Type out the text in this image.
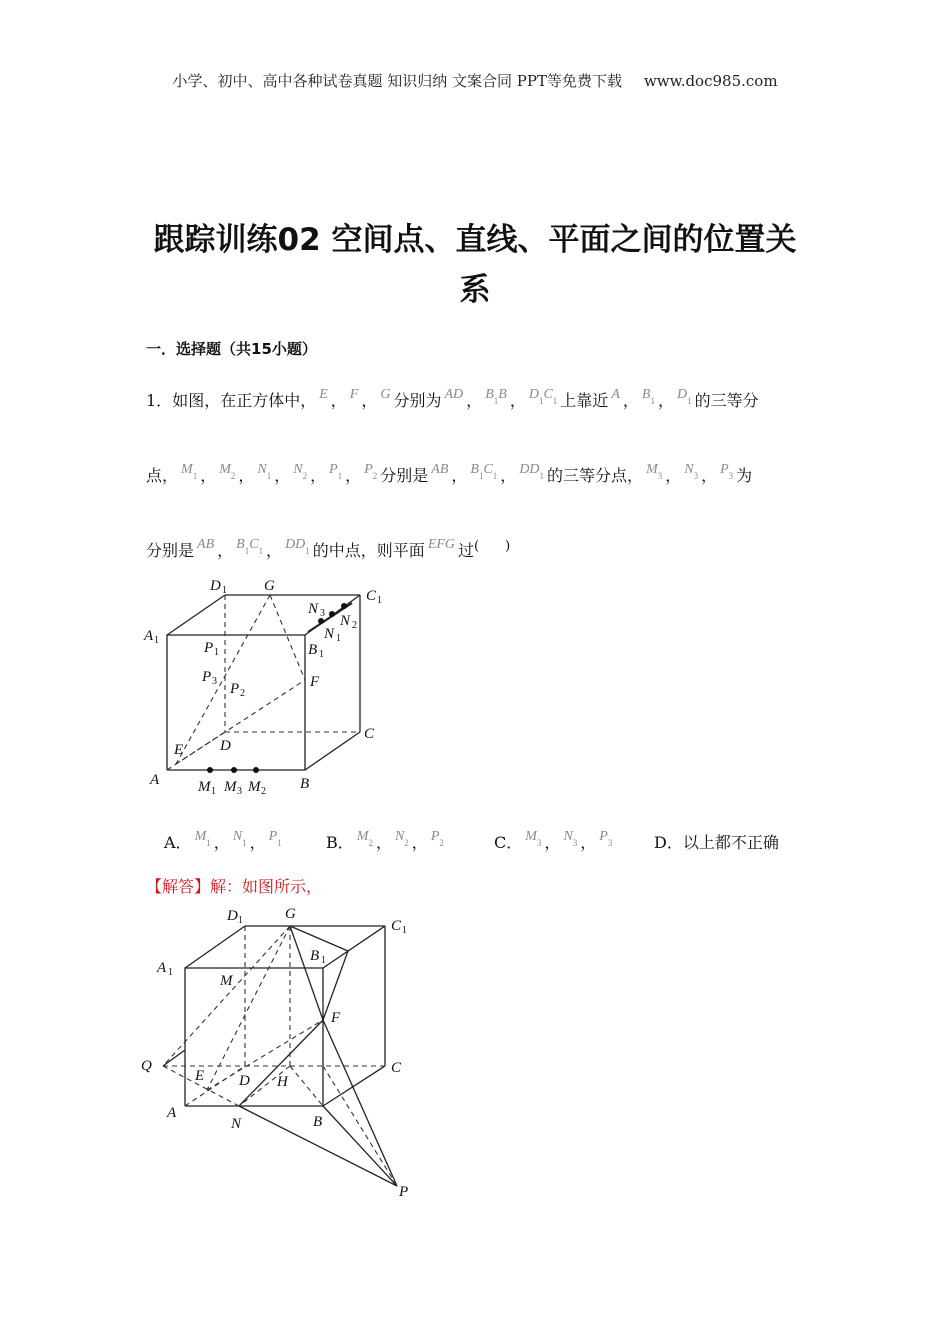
小学、初中、高中各种试卷真题 知识归纳 文案合同 PPT等免费下载 www.doc985.com
跟踪训练02 空间点、直线、平面之间的位置关
系
一．选择题（共15小题）
1．如图，在正方体中， E ， F ， G 分别为 AD ， $B_1B$ ， $D_1C_1$ 上靠近 A ， $B_1$ ， $D_1$ 的三等分
点， $M_1$ ， $M_2$ ， $N_1$ ， $N_2$ ， $P_1$ ， $P_2$ 分别是 AB ， $B_1C_1$ ， $DD_1$ 的三等分点， $M_3$ ， $N_3$ ， $P_3$ 为
分别是 AB ， $B_1C_1$ ， $DD_1$ 的中点，则平面 EFG 过(　　)
D 1 G
C 1
A 1
N 3 N 2
N 1
P 1	B 1
P 3 P 2
F
D
C
E
A	B
M 1 M 3 M 2
A． $M_1$ ， $N_1$ ， $P_1$	B． $M_2$ ， $N_2$ ， $P_2$	C． $M_3$ ， $N_3$ ， $P_3$	D．以上都不正确
【解答】解：如图所示，
D 1	G
C 1
A 1
B 1
M
F
Q
E D H
C
A
N	B
P
